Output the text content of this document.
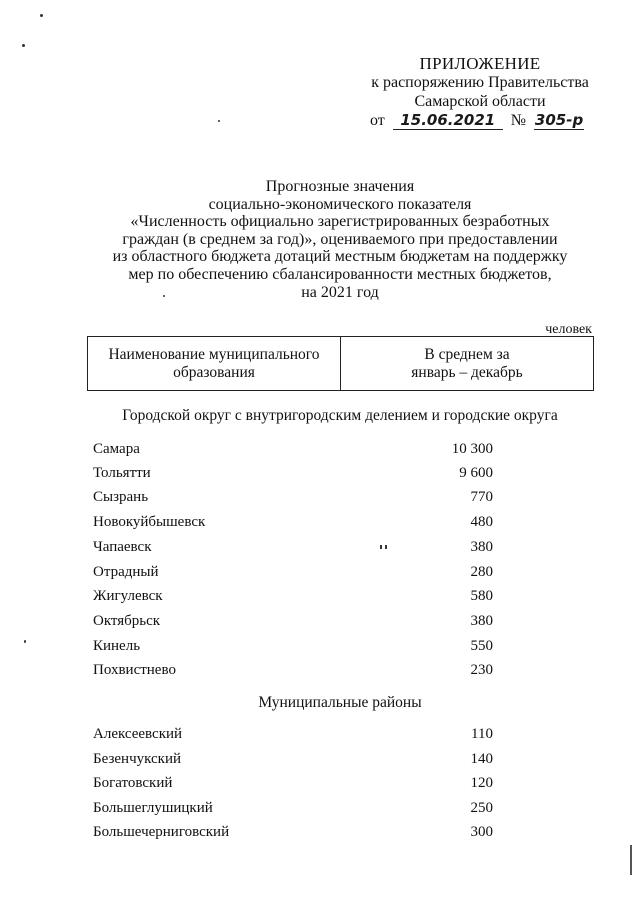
ПРИЛОЖЕНИЕ
к распоряжению Правительства
Самарской области
от 15.06.2021 № 305-р
Прогнозные значения
социально-экономического показателя
«Численность официально зарегистрированных безработных
граждан (в среднем за год)», оцениваемого при предоставлении
из областного бюджета дотаций местным бюджетам на поддержку
мер по обеспечению сбалансированности местных бюджетов,
на 2021 год
человек
Наименование муниципального
образования

В среднем за
январь – декабрь
Городской округ с внутригородским делением и городские округа
Самара	10 300
Тольятти	9 600
Сызрань	770
Новокуйбышевск	480
Чапаевск	380
Отрадный	280
Жигулевск	580
Октябрьск	380
Кинель	550
Похвистнево	230
Муниципальные районы
Алексеевский	110
Безенчукский	140
Богатовский	120
Большеглушицкий	250
Большечерниговский	300
